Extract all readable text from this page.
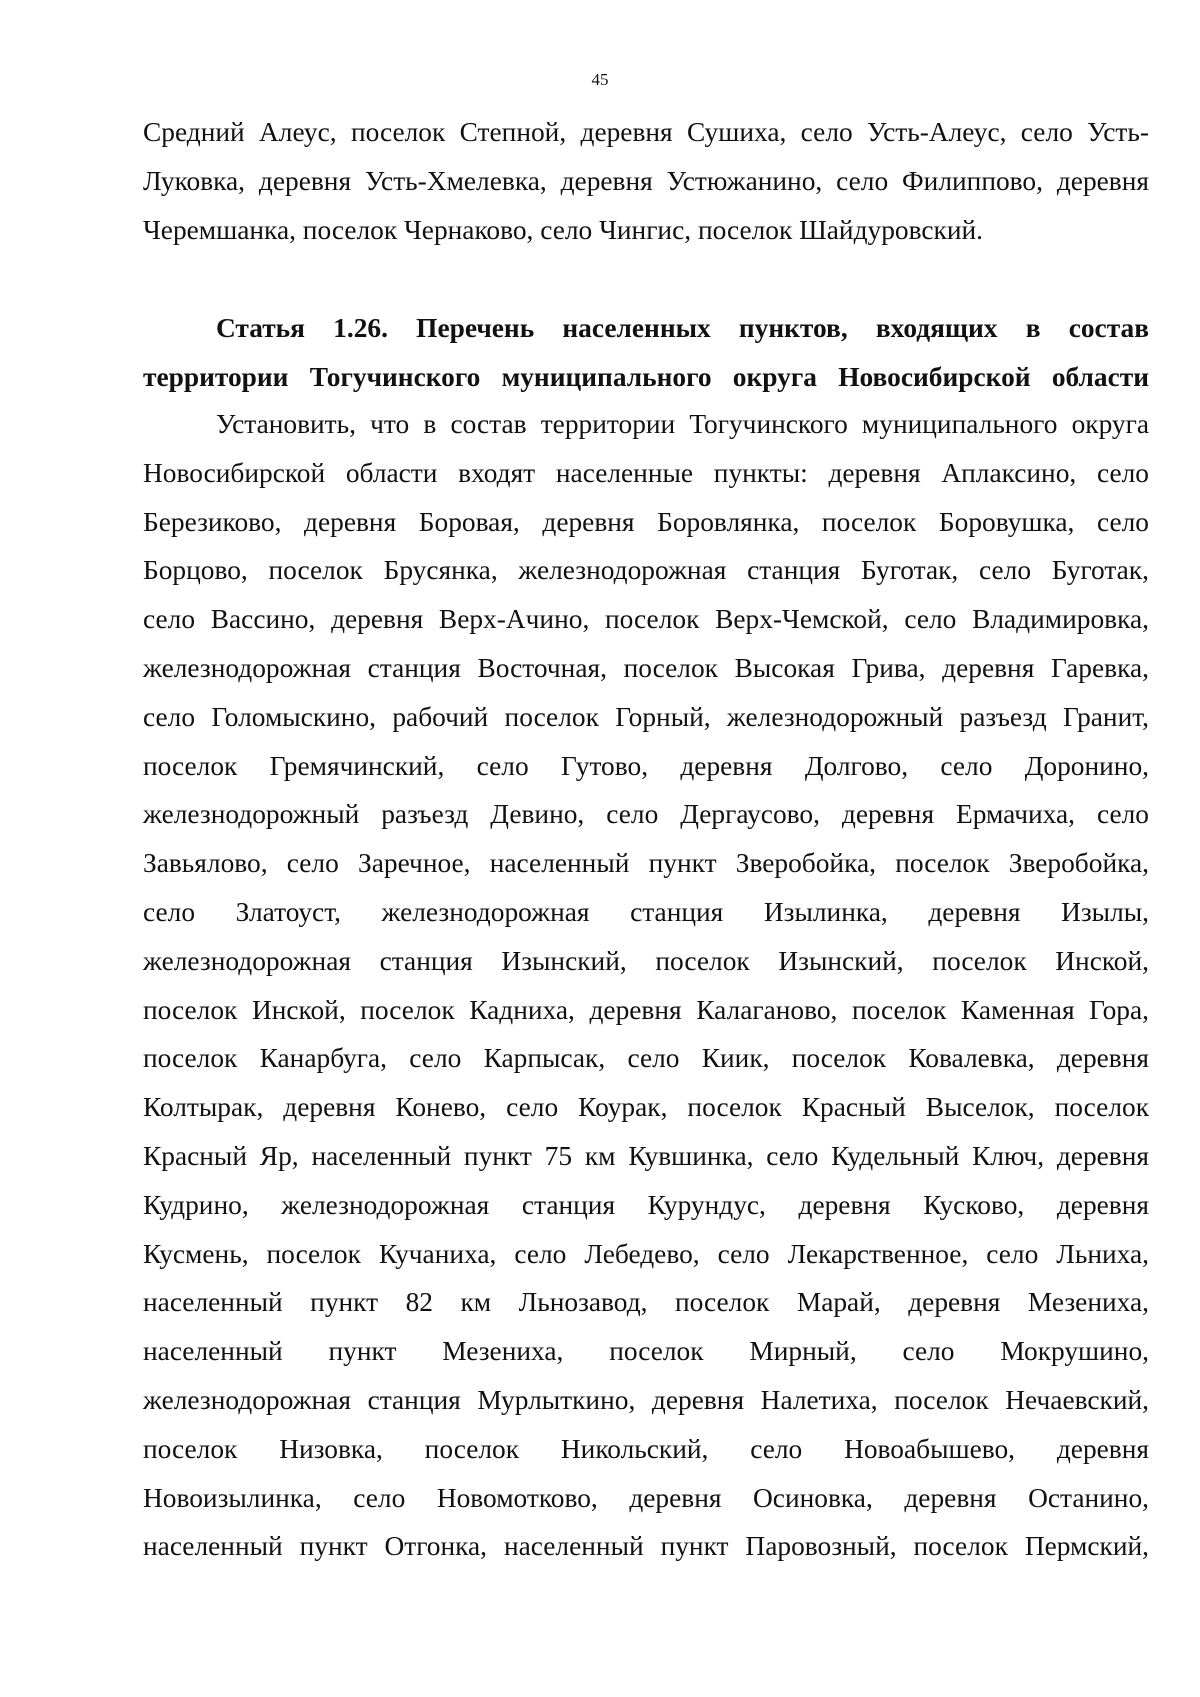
45
Средний Алеус, поселок Степной, деревня Сушиха, село Усть-Алеус, село Усть-
Луковка, деревня Усть-Хмелевка, деревня Устюжанино, село Филиппово, деревня
Черемшанка, поселок Чернаково, село Чингис, поселок Шайдуровский.
Статья 1.26. Перечень населенных пунктов, входящих в состав
территории Тогучинского муниципального округа Новосибирской области
Установить, что в состав территории Тогучинского муниципального округа
Новосибирской области входят населенные пункты: деревня Аплаксино, село
Березиково, деревня Боровая, деревня Боровлянка, поселок Боровушка, село
Борцово, поселок Брусянка, железнодорожная станция Буготак, село Буготак,
село Вассино, деревня Верх-Ачино, поселок Верх-Чемской, село Владимировка,
железнодорожная станция Восточная, поселок Высокая Грива, деревня Гаревка,
село Голомыскино, рабочий поселок Горный, железнодорожный разъезд Гранит,
поселок Гремячинский, село Гутово, деревня Долгово, село Доронино,
железнодорожный разъезд Девино, село Дергаусово, деревня Ермачиха, село
Завьялово, село Заречное, населенный пункт Зверобойка, поселок Зверобойка,
село Златоуст, железнодорожная станция Изылинка, деревня Изылы,
железнодорожная станция Изынский, поселок Изынский, поселок Инской,
поселок Инской, поселок Кадниха, деревня Калаганово, поселок Каменная Гора,
поселок Канарбуга, село Карпысак, село Киик, поселок Ковалевка, деревня
Колтырак, деревня Конево, село Коурак, поселок Красный Выселок, поселок
Красный Яр, населенный пункт 75 км Кувшинка, село Кудельный Ключ, деревня
Кудрино, железнодорожная станция Курундус, деревня Кусково, деревня
Кусмень, поселок Кучаниха, село Лебедево, село Лекарственное, село Льниха,
населенный пункт 82 км Льнозавод, поселок Марай, деревня Мезениха,
населенный пункт Мезениха, поселок Мирный, село Мокрушино,
железнодорожная станция Мурлыткино, деревня Налетиха, поселок Нечаевский,
поселок Низовка, поселок Никольский, село Новоабышево, деревня
Новоизылинка, село Новомотково, деревня Осиновка, деревня Останино,
населенный пункт Отгонка, населенный пункт Паровозный, поселок Пермский,
